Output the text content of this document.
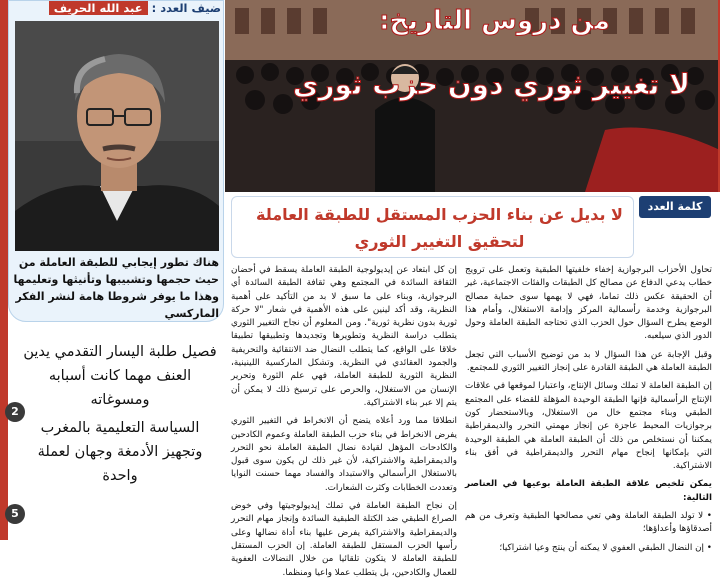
ضيف العدد : عبد الله الحريف
هناك تطور إيجابي للطبقة العاملة من حيث حجمها وتشبيبها وتأنيثها وتعليمها وهذا ما يوفر شروطا هامة لنشر الفكر الماركسي
فصيل طلبة اليسار التقدمي يدين العنف مهما كانت أسبابه ومسوغاته
2
السياسة التعليمية بالمغرب وتجهيز الأدمغة وجهان لعملة واحدة
5
من دروس التاريخ:
لا تغيير ثوري دون حزب ثوري
كلمة العدد
لا بديل عن بناء الحزب المستقل للطبقة العاملة
لتحقيق التغيير الثوري

تحاول الأحزاب البرجوازية إخفاء خلفيتها الطبقية وتعمل على ترويج خطاب يدعي الدفاع عن مصالح كل الطبقات والفئات الاجتماعية، غير أن الحقيقة عكس ذلك تماما، فهي لا يهمها سوى حماية مصالح البرجوازية وخدمة رأسمالية المركز وإدامة الاستغلال، وأمام هذا الوضع يطرح السؤال حول الحزب الذي تحتاجه الطبقة العاملة وحول الدور الذي سيلعبه.

وقبل الإجابة عن هذا السؤال لا بد من توضيح الأسباب التي تجعل الطبقة العاملة هي الطبقة القادرة على إنجاز التغيير الثوري للمجتمع.

إن الطبقة العاملة لا تملك وسائل الإنتاج، واعتبارا لموقعها في علاقات الإنتاج الرأسمالية فإنها الطبقة الوحيدة المؤهلة للقضاء على المجتمع الطبقي وبناء مجتمع خال من الاستغلال، وبالاستحضار كون برجوازيات المحيط عاجزة عن إنجاز مهمتي التحرر والديمقراطية يمكننا أن نستخلص من ذلك أن الطبقة العاملة هي الطبقة الوحيدة التي بإمكانها إنجاح مهام التحرر والديمقراطية في أفق بناء الاشتراكية.

يمكن تلخيص علاقة الطبقة العاملة بوعيها في العناصر التالية:

• لا تولد الطبقة العاملة وهي تعي مصالحها الطبقية وتعرف من هم أصدقاؤها وأعداؤها؛

• إن النضال الطبقي العفوي لا يمكنه أن ينتج وعيا اشتراكيا؛

إن كل ابتعاد عن إيديولوجية الطبقة العاملة يسقط في أحضان الثقافة السائدة في المجتمع وهي ثقافة الطبقة السائدة أي البرجوازية، وبناء على ما سبق لا بد من التأكيد على أهمية النظرية، وقد أكد لينين على هذه الأهمية في شعار "لا حركة ثورية بدون نظرية ثورية". ومن المعلوم أن نجاح التغيير الثوري يتطلب دراسة النظرية وتطويرها وتجديدها وتطبيقها تطبيقا خلاقا على الواقع، كما يتطلب النضال ضد الانتقائية والتحريفية والجمود العقائدي في النظرية. وتشكل الماركسية اللينينية، النظرية الثورية للطبقة العاملة، فهي علم الثورة وتحرير الإنسان من الاستغلال، والحرص على ترسيخ ذلك لا يمكن أن يتم إلا عبر بناء الاشتراكية.

انطلاقا مما ورد أعلاه يتضح أن الانخراط في التغيير الثوري يفرض الانخراط في بناء حزب الطبقة العاملة وعموم الكادحين والكادحات المؤهل لقيادة نضال الطبقة العاملة نحو التحرر والديمقراطية والاشتراكية، لأن غير ذلك لن يكون سوى قبول بالاستغلال الرأسمالي والاستبداد والفساد مهما حسنت النوايا وتعددت الخطابات وكثرت الشعارات.

إن نجاح الطبقة العاملة في تملك إيديولوجيتها وفي خوض الصراع الطبقي ضد الكتلة الطبقية السائدة وإنجاز مهام التحرر والديمقراطية والاشتراكية يفرض عليها بناء أداة نضالها وعلى رأسها الحزب المستقل للطبقة العاملة. إن الحزب المستقل للطبقة العاملة لا يتكون تلقائيا من خلال النضالات العفوية للعمال والكادحين، بل يتطلب عملا واعيا ومنظما.
